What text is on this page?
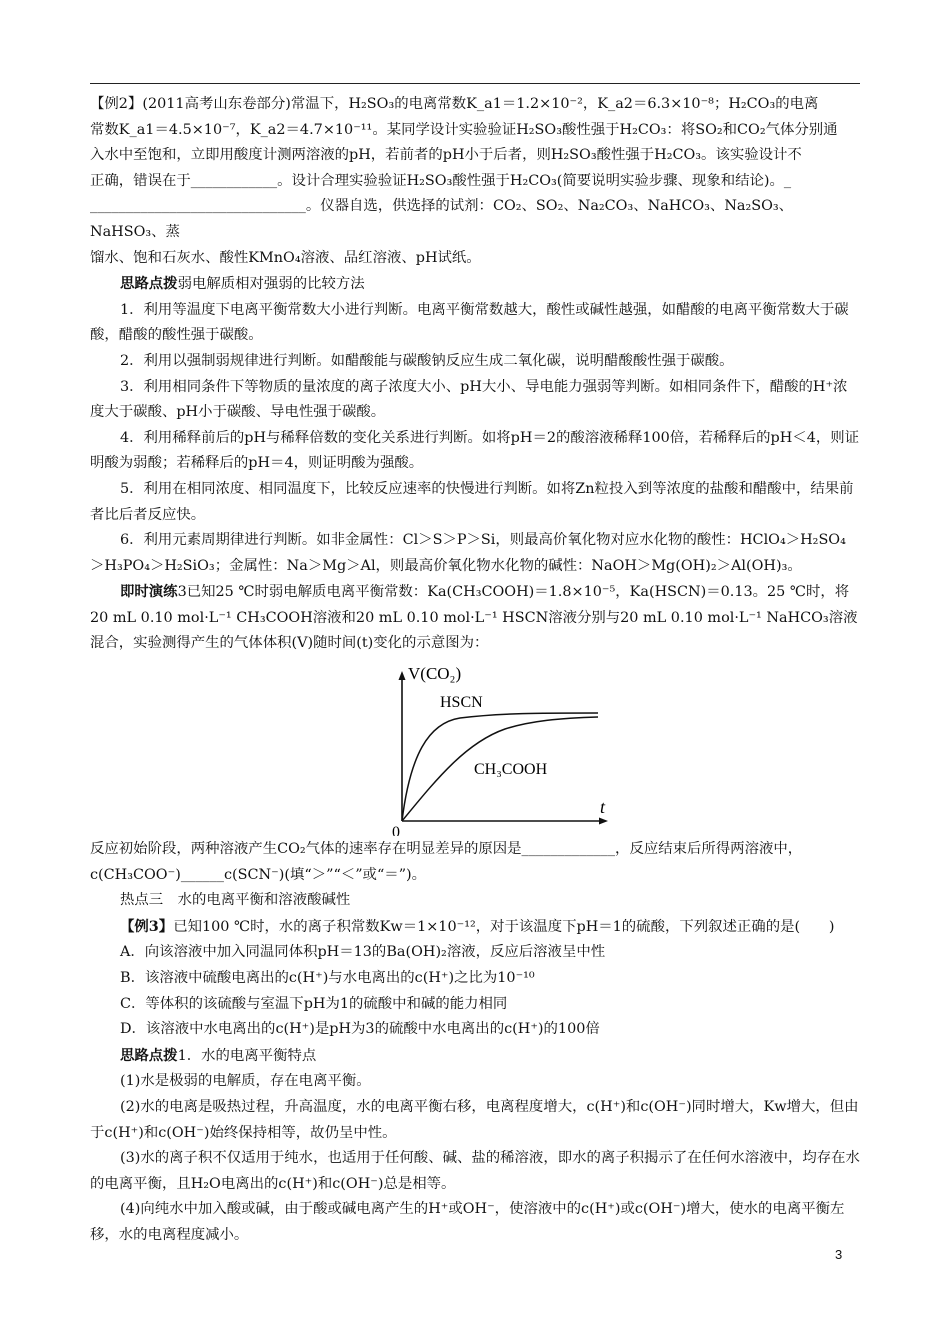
【例2】(2011高考山东卷部分)常温下，H₂SO₃的电离常数K_a1＝1.2×10⁻²，K_a2＝6.3×10⁻⁸；H₂CO₃的电离

常数K_a1＝4.5×10⁻⁷，K_a2＝4.7×10⁻¹¹。某同学设计实验验证H₂SO₃酸性强于H₂CO₃：将SO₂和CO₂气体分别通

入水中至饱和，立即用酸度计测两溶液的pH，若前者的pH小于后者，则H₂SO₃酸性强于H₂CO₃。该实验设计不

正确，错误在于____________。设计合理实验验证H₂SO₃酸性强于H₂CO₃(简要说明实验步骤、现象和结论)。_

______________________________。仪器自选，供选择的试剂：CO₂、SO₂、Na₂CO₃、NaHCO₃、Na₂SO₃、NaHSO₃、蒸

馏水、饱和石灰水、酸性KMnO₄溶液、品红溶液、pH试纸。

思路点拨弱电解质相对强弱的比较方法

1．利用等温度下电离平衡常数大小进行判断。电离平衡常数越大，酸性或碱性越强，如醋酸的电离平衡常数大于碳酸，醋酸的酸性强于碳酸。

2．利用以强制弱规律进行判断。如醋酸能与碳酸钠反应生成二氧化碳，说明醋酸酸性强于碳酸。

3．利用相同条件下等物质的量浓度的离子浓度大小、pH大小、导电能力强弱等判断。如相同条件下，醋酸的H⁺浓度大于碳酸、pH小于碳酸、导电性强于碳酸。

4．利用稀释前后的pH与稀释倍数的变化关系进行判断。如将pH＝2的酸溶液稀释100倍，若稀释后的pH＜4，则证明酸为弱酸；若稀释后的pH＝4，则证明酸为强酸。

5．利用在相同浓度、相同温度下，比较反应速率的快慢进行判断。如将Zn粒投入到等浓度的盐酸和醋酸中，结果前者比后者反应快。

6．利用元素周期律进行判断。如非金属性：Cl＞S＞P＞Si，则最高价氧化物对应水化物的酸性：HClO₄＞H₂SO₄＞H₃PO₄＞H₂SiO₃；金属性：Na＞Mg＞Al，则最高价氧化物水化物的碱性：NaOH＞Mg(OH)₂＞Al(OH)₃。

即时演练3已知25 ℃时弱电解质电离平衡常数：Ka(CH₃COOH)＝1.8×10⁻⁵，Ka(HSCN)＝0.13。25 ℃时，将20 mL 0.10 mol·L⁻¹ CH₃COOH溶液和20 mL 0.10 mol·L⁻¹ HSCN溶液分别与20 mL 0.10 mol·L⁻¹ NaHCO₃溶液混合，实验测得产生的气体体积(V)随时间(t)变化的示意图为：

V(CO₂)
t
0
HSCN
CH₃COOH

反应初始阶段，两种溶液产生CO₂气体的速率存在明显差异的原因是_____________，反应结束后所得两溶液中，c(CH₃COO⁻)______c(SCN⁻)(填“＞”“＜”或“＝”)。

热点三　水的电离平衡和溶液酸碱性

【例3】已知100 ℃时，水的离子积常数Kw＝1×10⁻¹²，对于该温度下pH＝1的硫酸，下列叙述正确的是(　　)

A．向该溶液中加入同温同体积pH＝13的Ba(OH)₂溶液，反应后溶液呈中性

B．该溶液中硫酸电离出的c(H⁺)与水电离出的c(H⁺)之比为10⁻¹⁰

C．等体积的该硫酸与室温下pH为1的硫酸中和碱的能力相同

D．该溶液中水电离出的c(H⁺)是pH为3的硫酸中水电离出的c(H⁺)的100倍

思路点拨1．水的电离平衡特点

(1)水是极弱的电解质，存在电离平衡。

(2)水的电离是吸热过程，升高温度，水的电离平衡右移，电离程度增大，c(H⁺)和c(OH⁻)同时增大，Kw增大，但由于c(H⁺)和c(OH⁻)始终保持相等，故仍呈中性。

(3)水的离子积不仅适用于纯水，也适用于任何酸、碱、盐的稀溶液，即水的离子积揭示了在任何水溶液中，均存在水的电离平衡，且H₂O电离出的c(H⁺)和c(OH⁻)总是相等。

(4)向纯水中加入酸或碱，由于酸或碱电离产生的H⁺或OH⁻，使溶液中的c(H⁺)或c(OH⁻)增大，使水的电离平衡左移，水的电离程度减小。

3
